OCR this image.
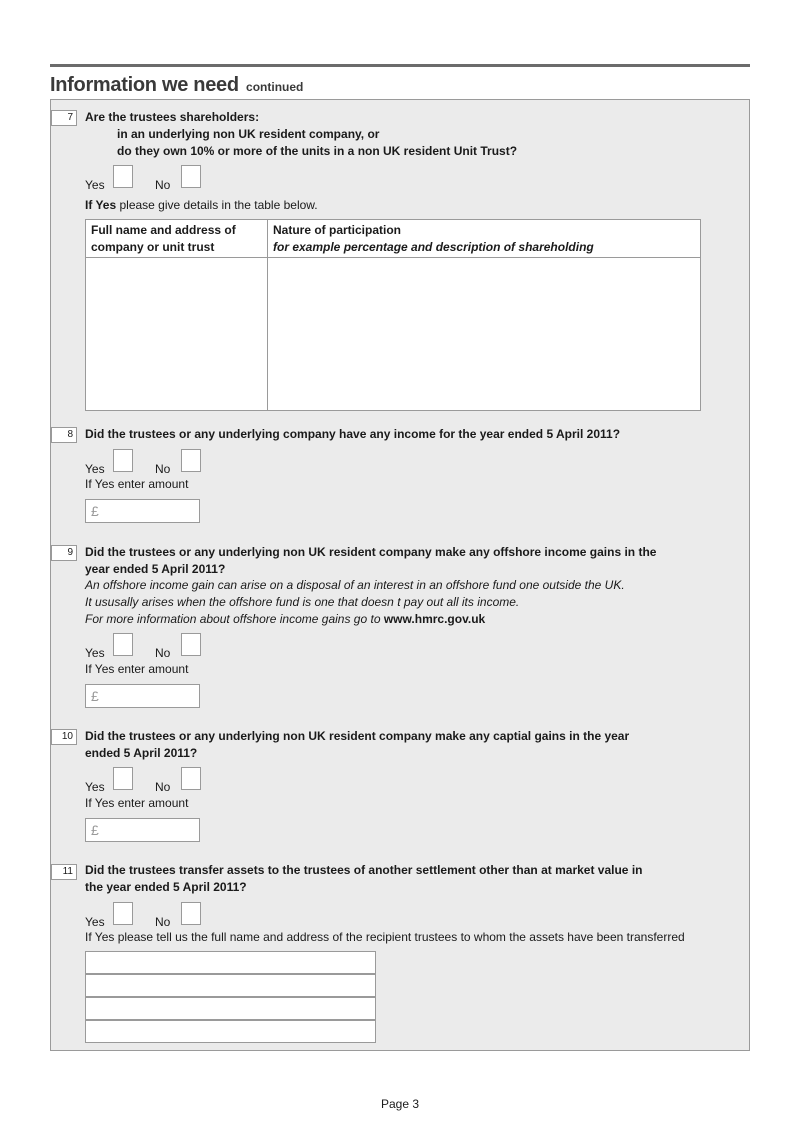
Information we need continued
7	Are the trustees shareholders:
in an underlying non UK resident company, or
do they own 10% or more of the units in a non UK resident Unit Trust?
Yes	No
If Yes please give details in the table below.
Full name and address of
company or unit trust
Nature of participation
for example percentage and description of shareholding
8	Did the trustees or any underlying company have any income for the year ended 5 April 2011?
Yes	No
If Yes enter amount
£
9	Did the trustees or any underlying non UK resident company make any offshore income gains in the
year ended 5 April 2011?
An offshore income gain can arise on a disposal of an interest in an offshore fund one outside the UK.
It ususally arises when the offshore fund is one that doesn t pay out all its income.
For more information about offshore income gains go to www.hmrc.gov.uk
Yes	No
If Yes enter amount
£
10	Did the trustees or any underlying non UK resident company make any captial gains in the year
ended 5 April 2011?
Yes	No
If Yes enter amount
£
11	Did the trustees transfer assets to the trustees of another settlement other than at market value in
the year ended 5 April 2011?
Yes	No
If Yes please tell us the full name and address of the recipient trustees to whom the assets have been transferred
Page 3
